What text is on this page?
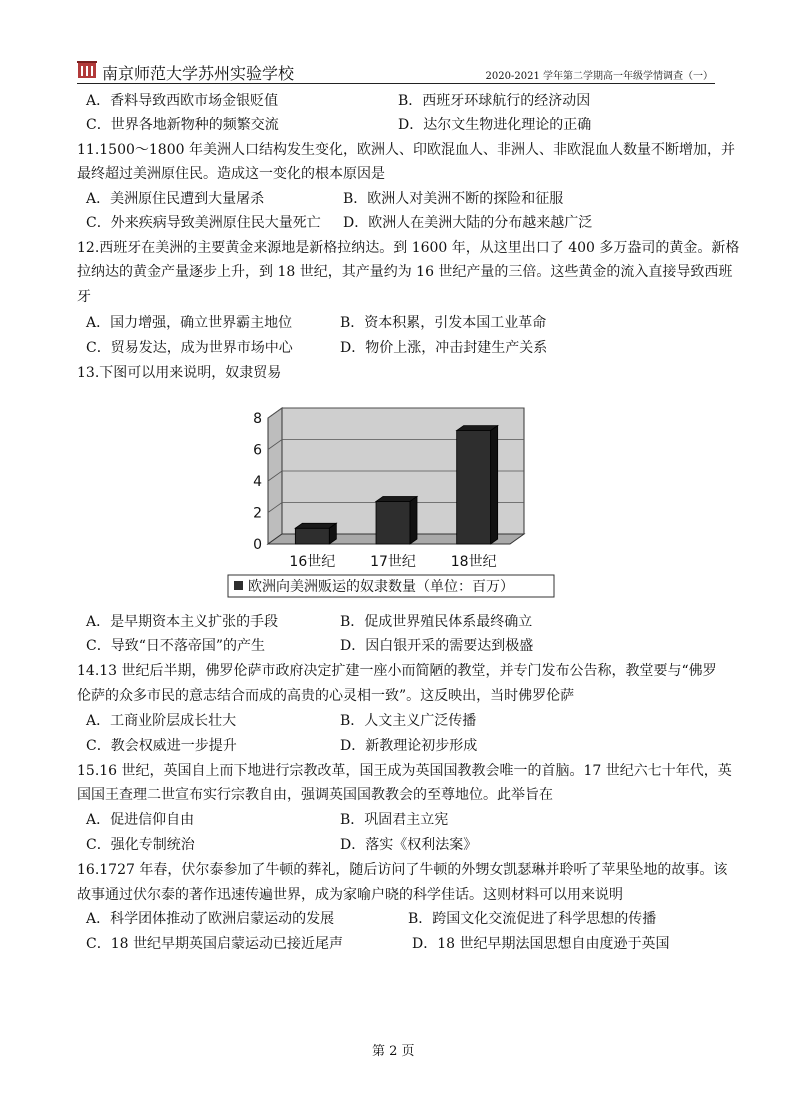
南京师范大学苏州实验学校	2020-2021 学年第二学期高一年级学情调查（一）
A．香料导致西欧市场金银贬值	B．西班牙环球航行的经济动因
C．世界各地新物种的频繁交流	D．达尔文生物进化理论的正确
11.1500～1800 年美洲人口结构发生变化，欧洲人、印欧混血人、非洲人、非欧混血人数量不断增加，并
最终超过美洲原住民。造成这一变化的根本原因是
A．美洲原住民遭到大量屠杀	B．欧洲人对美洲不断的探险和征服
C．外来疾病导致美洲原住民大量死亡 D．欧洲人在美洲大陆的分布越来越广泛
12.西班牙在美洲的主要黄金来源地是新格拉纳达。到 1600 年，从这里出口了 400 多万盎司的黄金。新格
拉纳达的黄金产量逐步上升，到 18 世纪，其产量约为 16 世纪产量的三倍。这些黄金的流入直接导致西班
牙
A．国力增强，确立世界霸主地位	B．资本积累，引发本国工业革命
C．贸易发达，成为世界市场中心	D．物价上涨，冲击封建生产关系
13.下图可以用来说明，奴隶贸易
0
2
4
6
8
16世纪 17世纪 18世纪
欧洲向美洲贩运的奴隶数量（单位：百万）
A．是早期资本主义扩张的手段	B．促成世界殖民体系最终确立
C．导致“日不落帝国”的产生	D．因白银开采的需要达到极盛
14.13 世纪后半期，佛罗伦萨市政府决定扩建一座小而简陋的教堂，并专门发布公告称，教堂要与“佛罗
伦萨的众多市民的意志结合而成的高贵的心灵相一致”。这反映出，当时佛罗伦萨
A．工商业阶层成长壮大	B．人文主义广泛传播
C．教会权威进一步提升	D．新教理论初步形成
15.16 世纪，英国自上而下地进行宗教改革，国王成为英国国教教会唯一的首脑。17 世纪六七十年代，英
国国王查理二世宣布实行宗教自由，强调英国国教教会的至尊地位。此举旨在
A．促进信仰自由	B．巩固君主立宪
C．强化专制统治	D．落实《权利法案》
16.1727 年春，伏尔泰参加了牛顿的葬礼，随后访问了牛顿的外甥女凯瑟琳并聆听了苹果坠地的故事。该
故事通过伏尔泰的著作迅速传遍世界，成为家喻户晓的科学佳话。这则材料可以用来说明
A．科学团体推动了欧洲启蒙运动的发展	B．跨国文化交流促进了科学思想的传播
C．18 世纪早期英国启蒙运动已接近尾声	D．18 世纪早期法国思想自由度逊于英国
第 2 页
